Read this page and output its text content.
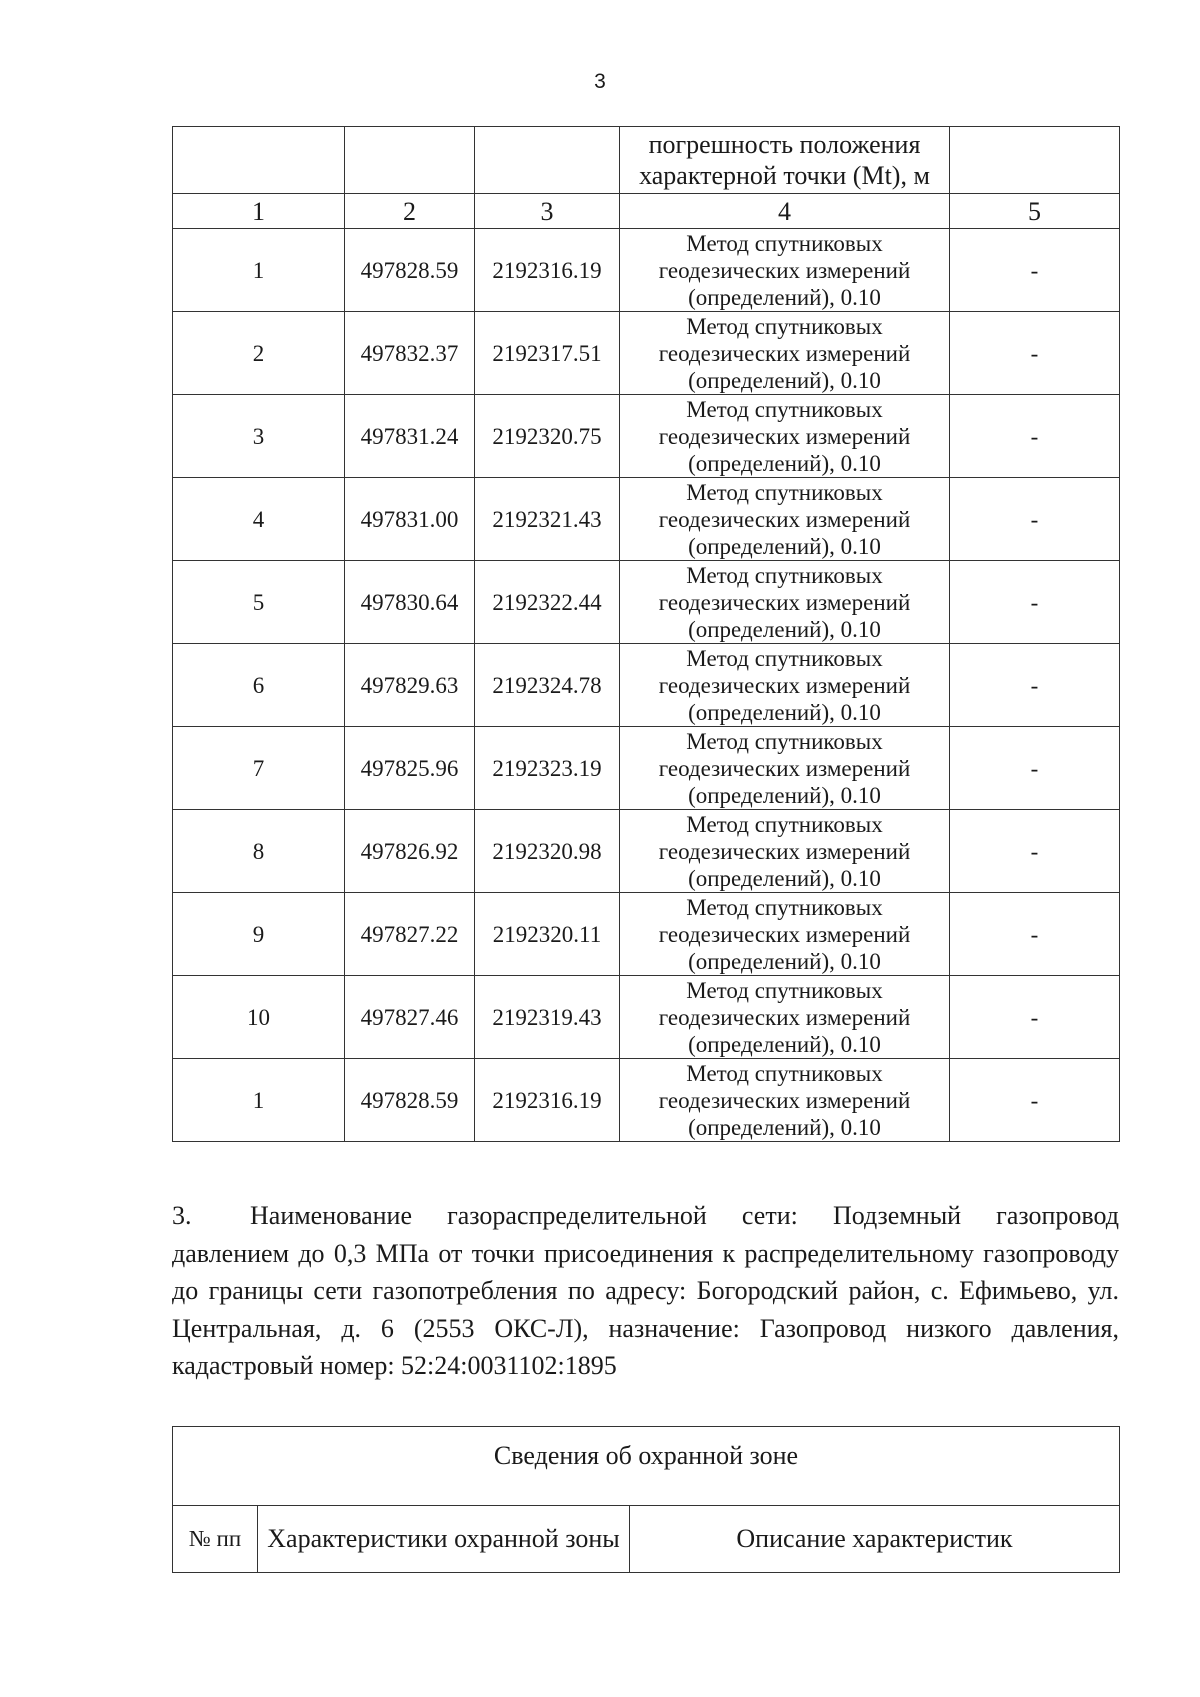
3
			погрешность положения характерной точки (Mt), м	
1	2	3	4	5
1	497828.59	2192316.19	Метод спутниковых геодезических измерений (определений), 0.10	-
2	497832.37	2192317.51	Метод спутниковых геодезических измерений (определений), 0.10	-
3	497831.24	2192320.75	Метод спутниковых геодезических измерений (определений), 0.10	-
4	497831.00	2192321.43	Метод спутниковых геодезических измерений (определений), 0.10	-
5	497830.64	2192322.44	Метод спутниковых геодезических измерений (определений), 0.10	-
6	497829.63	2192324.78	Метод спутниковых геодезических измерений (определений), 0.10	-
7	497825.96	2192323.19	Метод спутниковых геодезических измерений (определений), 0.10	-
8	497826.92	2192320.98	Метод спутниковых геодезических измерений (определений), 0.10	-
9	497827.22	2192320.11	Метод спутниковых геодезических измерений (определений), 0.10	-
10	497827.46	2192319.43	Метод спутниковых геодезических измерений (определений), 0.10	-
1	497828.59	2192316.19	Метод спутниковых геодезических измерений (определений), 0.10	-

3. Наименование газораспределительной сети: Подземный газопровод давлением до 0,3 МПа от точки присоединения к распределительному газопроводу до границы сети газопотребления по адресу: Богородский район, с. Ефимьево, ул. Центральная, д. 6 (2553 ОКС-Л), назначение: Газопровод низкого давления, кадастровый номер: 52:24:0031102:1895

Сведения об охранной зоне
№ пп	Характеристики охранной зоны	Описание характеристик
